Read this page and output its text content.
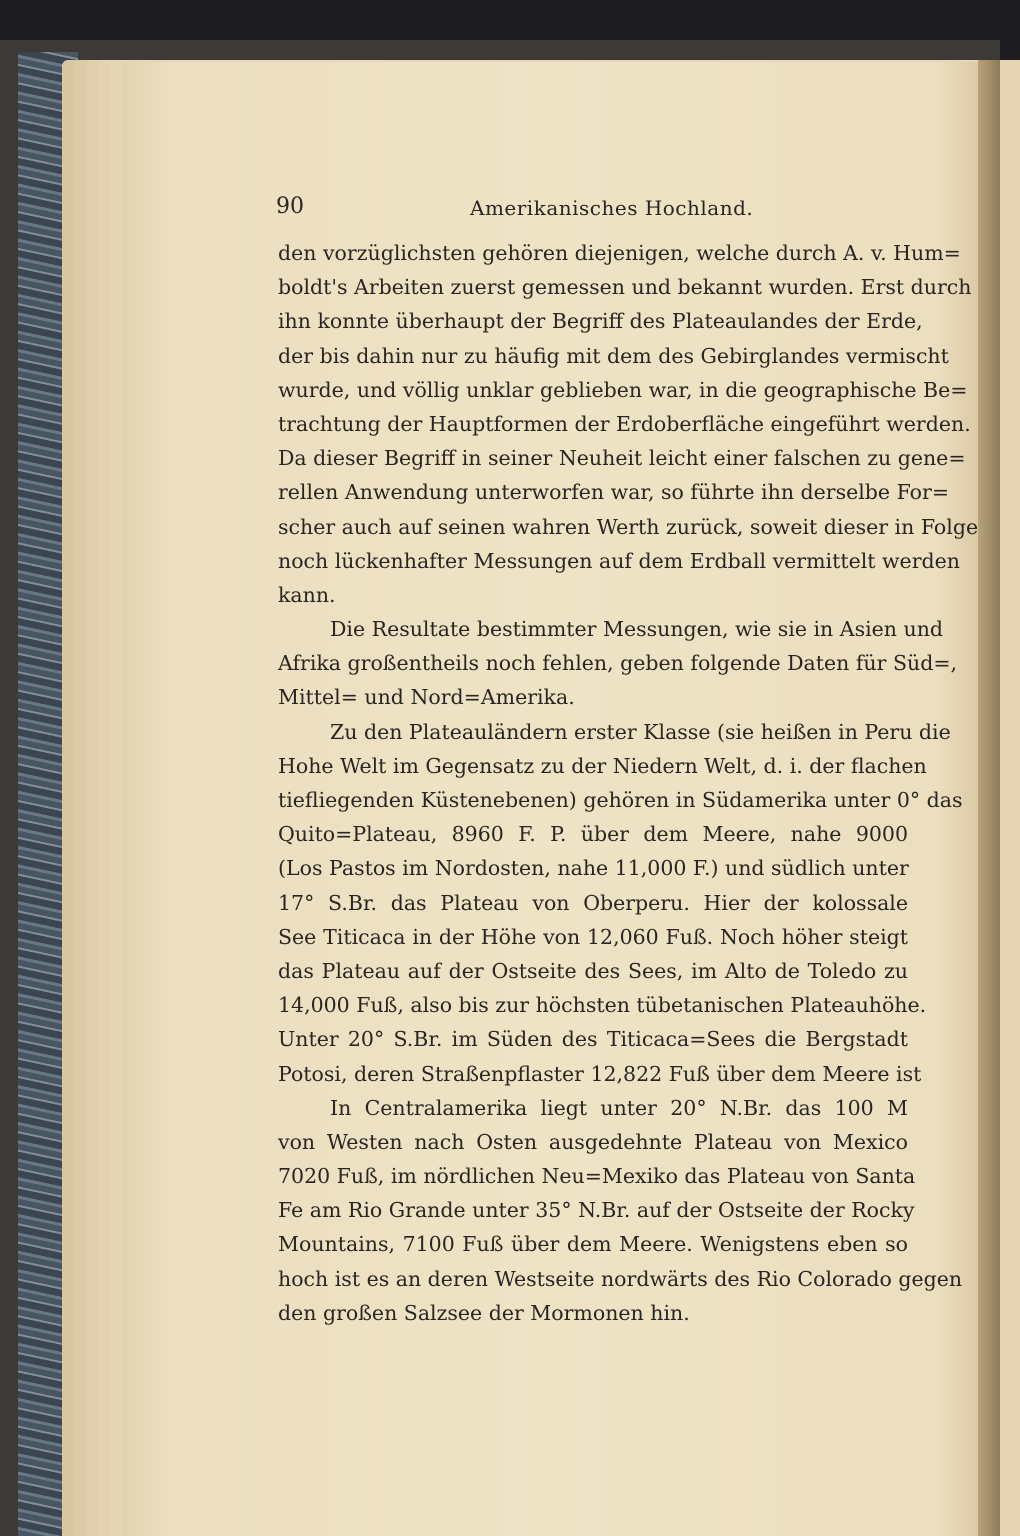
90	Amerikanisches Hochland.
den vorzüglichsten gehören diejenigen, welche durch A. v. Hum=
boldt's Arbeiten zuerst gemessen und bekannt wurden. Erst durch
ihn konnte überhaupt der Begriff des Plateaulandes der Erde,
der bis dahin nur zu häufig mit dem des Gebirglandes vermischt
wurde, und völlig unklar geblieben war, in die geographische Be=
trachtung der Hauptformen der Erdoberfläche eingeführt werden.
Da dieser Begriff in seiner Neuheit leicht einer falschen zu gene=
rellen Anwendung unterworfen war, so führte ihn derselbe For=
scher auch auf seinen wahren Werth zurück, soweit dieser in Folge
noch lückenhafter Messungen auf dem Erdball vermittelt werden
kann.
Die Resultate bestimmter Messungen, wie sie in Asien und
Afrika großentheils noch fehlen, geben folgende Daten für Süd=,
Mittel= und Nord=Amerika.
Zu den Plateauländern erster Klasse (sie heißen in Peru die
Hohe Welt im Gegensatz zu der Niedern Welt, d. i. der flachen
tiefliegenden Küstenebenen) gehören in Südamerika unter 0° das
Quito=Plateau, 8960 F. P. über dem Meere, nahe 9000
(Los Pastos im Nordosten, nahe 11,000 F.) und südlich unter
17° S.Br. das Plateau von Oberperu. Hier der kolossale
See Titicaca in der Höhe von 12,060 Fuß. Noch höher steigt
das Plateau auf der Ostseite des Sees, im Alto de Toledo zu
14,000 Fuß, also bis zur höchsten tübetanischen Plateauhöhe.
Unter 20° S.Br. im Süden des Titicaca=Sees die Bergstadt
Potosi, deren Straßenpflaster 12,822 Fuß über dem Meere ist
In Centralamerika liegt unter 20° N.Br. das 100 M
von Westen nach Osten ausgedehnte Plateau von Mexico
7020 Fuß, im nördlichen Neu=Mexiko das Plateau von Santa
Fe am Rio Grande unter 35° N.Br. auf der Ostseite der Rocky
Mountains, 7100 Fuß über dem Meere. Wenigstens eben so
hoch ist es an deren Westseite nordwärts des Rio Colorado gegen
den großen Salzsee der Mormonen hin.
